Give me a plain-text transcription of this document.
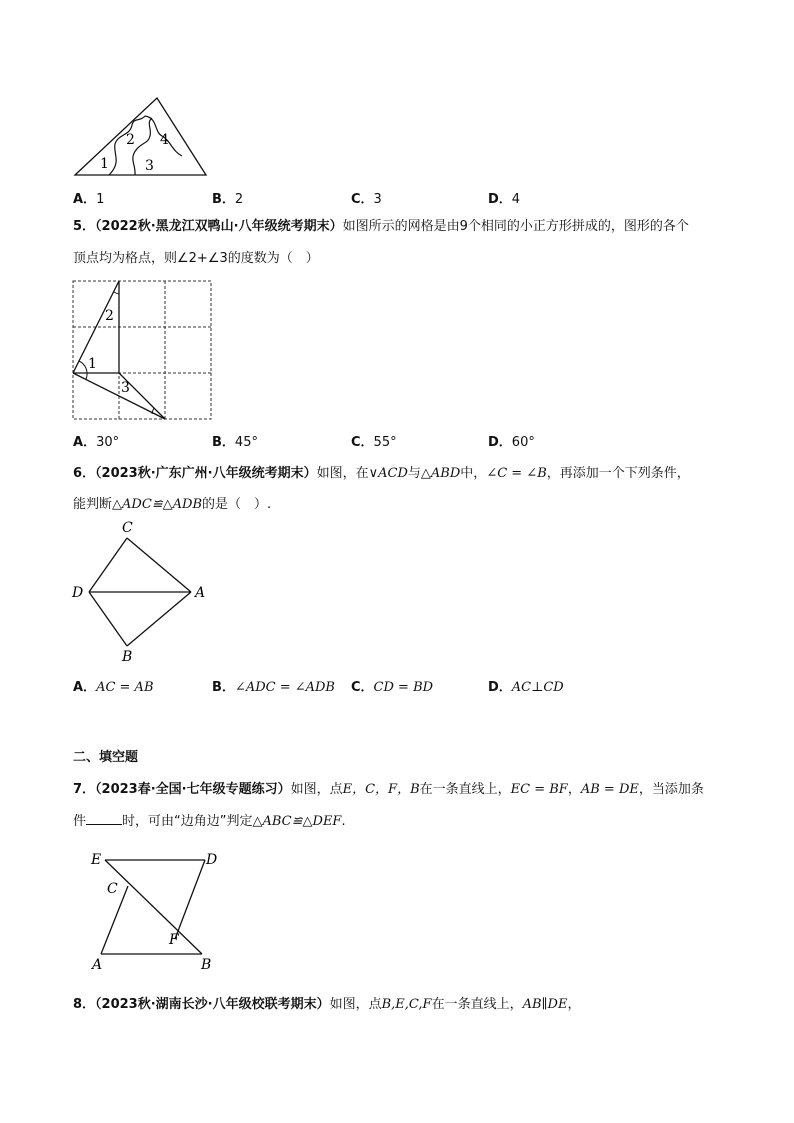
1
2
3
4
A．1	B．2	C．3	D．4
5．（2022秋·黑龙江双鸭山·八年级统考期末）如图所示的网格是由9个相同的小正方形拼成的，图形的各个
顶点均为格点，则∠2+∠3的度数为（　）
1
2
3
A．30°	B．45°	C．55°	D．60°
6．（2023秋·广东广州·八年级统考期末）如图，在∨ACD与△ABD中，∠C = ∠B，再添加一个下列条件，
能判断△ADC≌△ADB的是（　）.
C
D	A
B
A．AC = AB	B．∠ADC = ∠ADB C．CD = BD	D．AC⊥CD
二、填空题
7．（2023春·全国·七年级专题练习）如图，点E，C，F，B在一条直线上，EC = BF，AB = DE，当添加条
件	时，可由“边角边”判定△ABC≌△DEF.
E	D
C
F
A	B
8．（2023秋·湖南长沙·八年级校联考期末）如图，点B,E,C,F在一条直线上，AB∥DE，
